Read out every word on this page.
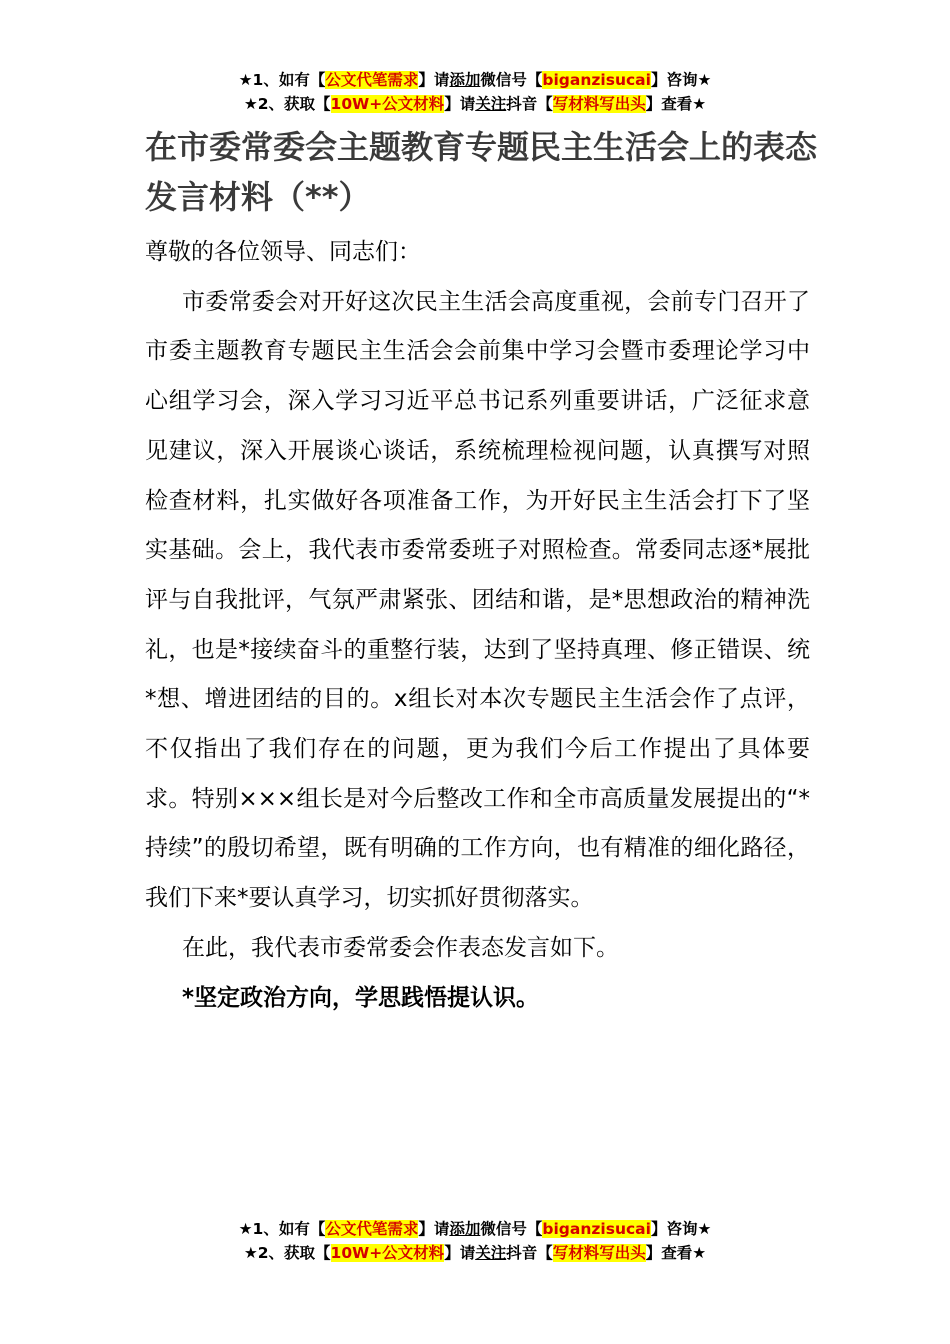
★1、如有【公文代笔需求】请添加微信号【biganzisucai】咨询★
★2、获取【10W+公文材料】请关注抖音【写材料写出头】查看★
在市委常委会主题教育专题民主生活会上的表态发言材料（**）

尊敬的各位领导、同志们：

市委常委会对开好这次民主生活会高度重视，会前专门召开了市委主题教育专题民主生活会会前集中学习会暨市委理论学习中心组学习会，深入学习习近平总书记系列重要讲话，广泛征求意见建议，深入开展谈心谈话，系统梳理检视问题，认真撰写对照检查材料，扎实做好各项准备工作，为开好民主生活会打下了坚实基础。会上，我代表市委常委班子对照检查。常委同志逐*展批评与自我批评，气氛严肃紧张、团结和谐，是*思想政治的精神洗礼，也是*接续奋斗的重整行装，达到了坚持真理、修正错误、统*想、增进团结的目的。x组长对本次专题民主生活会作了点评，不仅指出了我们存在的问题，更为我们今后工作提出了具体要求。特别×××组长是对今后整改工作和全市高质量发展提出的“*持续”的殷切希望，既有明确的工作方向，也有精准的细化路径，我们下来*要认真学习，切实抓好贯彻落实。

在此，我代表市委常委会作表态发言如下。

*坚定政治方向，学思践悟提认识。

★1、如有【公文代笔需求】请添加微信号【biganzisucai】咨询★
★2、获取【10W+公文材料】请关注抖音【写材料写出头】查看★
